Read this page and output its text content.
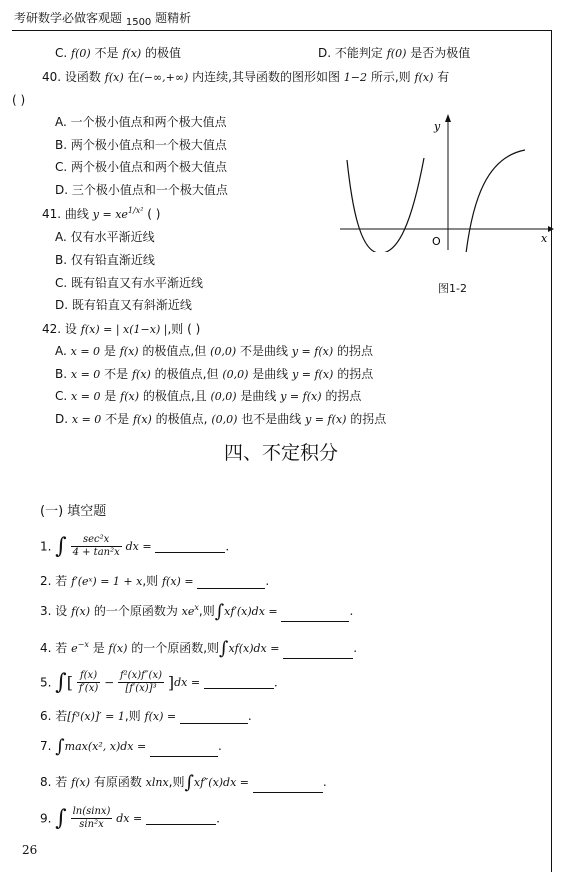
考研数学必做客观题 $_{1500}$ 题精析
C. f(0) 不是 f(x) 的极值	D. 不能判定 f(0) 是否为极值
40. 设函数 f(x) 在(−∞,+∞) 内连续,其导函数的图形如图 1−2 所示,则 f(x) 有
( )
A. 一个极小值点和两个极大值点
B. 两个极小值点和一个极大值点
C. 两个极小值点和两个极大值点
D. 三个极小值点和一个极大值点
y
x
O
图1-2
41. 曲线 $y = xe^{1/x^2}$ ( )
A. 仅有水平渐近线
B. 仅有铅直渐近线
C. 既有铅直又有水平渐近线
D. 既有铅直又有斜渐近线
42. 设 f(x) = | x(1−x) |,则 ( )
A. x = 0 是 f(x) 的极值点,但 (0,0) 不是曲线 y = f(x) 的拐点
B. x = 0 不是 f(x) 的极值点,但 (0,0) 是曲线 y = f(x) 的拐点
C. x = 0 是 f(x) 的极值点,且 (0,0) 是曲线 y = f(x) 的拐点
D. x = 0 不是 f(x) 的极值点, (0,0) 也不是曲线 y = f(x) 的拐点
四、不定积分
(一) 填空题
1. ∫ $\frac{\text{sec²x}}{\text{4 + tan²x}}$ dx =	.
2. 若 f′(eˣ) = 1 + x,则 f(x) =	.
3. 设 f(x) 的一个原函数为 $xe^x$,则∫xf′(x)dx =	.
4. 若 $e^{-x}$ 是 f(x) 的一个原函数,则∫xf(x)dx =	.
5. ∫[ $\frac{f(x)}{f'(x)} - \frac{\text{f²(x)f″(x)}}{\text{[f′(x)]³}} ]dx$ =	.
6. 若[f³(x)]′ = 1,则 f(x) =	.
7. ∫max(x², x)dx =	.
8. 若 f(x) 有原函数 xlnx,则∫xf″(x)dx =	.
9. ∫ $\frac{\ln(\sin x)}{\text{sin²x}}$ dx =	.
26
